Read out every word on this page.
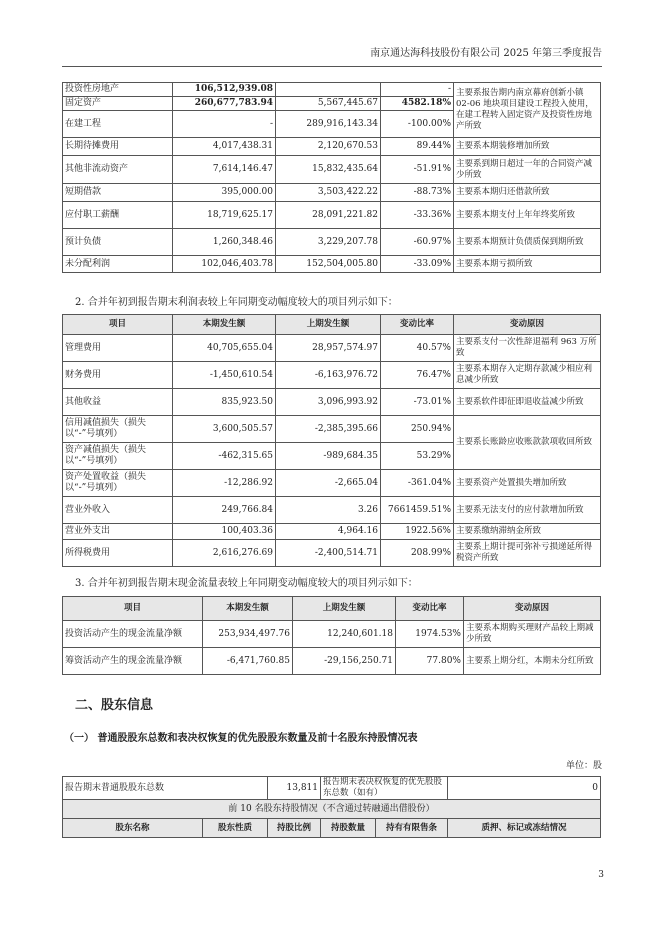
南京通达海科技股份有限公司 2025 年第三季度报告
投资性房地产	106,512,939.08		-	主要系报告期内南京幕府创新小镇 02-06 地块项目建设工程投入使用，在建工程转入固定资产及投资性房地产所致
固定资产	260,677,783.94	5,567,445.67	4582.18%	
在建工程	-	289,916,143.34	-100.00%	
长期待摊费用	4,017,438.31	2,120,670.53	89.44%	主要系本期装修增加所致
其他非流动资产	7,614,146.47	15,832,435.64	-51.91%	主要系到期日超过一年的合同资产减少所致
短期借款	395,000.00	3,503,422.22	-88.73%	主要系本期归还借款所致
应付职工薪酬	18,719,625.17	28,091,221.82	-33.36%	主要系本期支付上年年终奖所致
预计负债	1,260,348.46	3,229,207.78	-60.97%	主要系本期预计负债质保到期所致
未分配利润	102,046,403.78	152,504,005.80	-33.09%	主要系本期亏损所致
2. 合并年初到报告期末利润表较上年同期变动幅度较大的项目列示如下：
项目	本期发生额	上期发生额	变动比率	变动原因
管理费用	40,705,655.04	28,957,574.97	40.57%	主要系支付一次性辞退福利 963 万所致
财务费用	-1,450,610.54	-6,163,976.72	76.47%	主要系本期存入定期存款减少相应利息减少所致
其他收益	835,923.50	3,096,993.92	-73.01%	主要系软件即征即退收益减少所致
信用减值损失（损失以“-”号填列）	3,600,505.57	-2,385,395.66	250.94%	主要系长账龄应收账款款项收回所致
资产减值损失（损失以“-”号填列）	-462,315.65	-989,684.35	53.29%	
资产处置收益（损失以“-”号填列）	-12,286.92	-2,665.04	-361.04%	主要系资产处置损失增加所致
营业外收入	249,766.84	3.26	7661459.51%	主要系无法支付的应付款增加所致
营业外支出	100,403.36	4,964.16	1922.56%	主要系缴纳滞纳金所致
所得税费用	2,616,276.69	-2,400,514.71	208.99%	主要系上期计提可弥补亏损递延所得税资产所致
3. 合并年初到报告期末现金流量表较上年同期变动幅度较大的项目列示如下：
项目	本期发生额	上期发生额	变动比率	变动原因
投资活动产生的现金流量净额	253,934,497.76	12,240,601.18	1974.53%	主要系本期购买理财产品较上期减少所致
筹资活动产生的现金流量净额	-6,471,760.85	-29,156,250.71	77.80%	主要系上期分红，本期未分红所致
二、股东信息
（一） 普通股股东总数和表决权恢复的优先股股东数量及前十名股东持股情况表
单位：股
报告期末普通股股东总数		13,811	报告期末表决权恢复的优先股股东总数（如有）		0
前 10 名股东持股情况（不含通过转融通出借股份）					
股东名称	股东性质	持股比例	持股数量	持有有限售条	质押、标记或冻结情况
3
